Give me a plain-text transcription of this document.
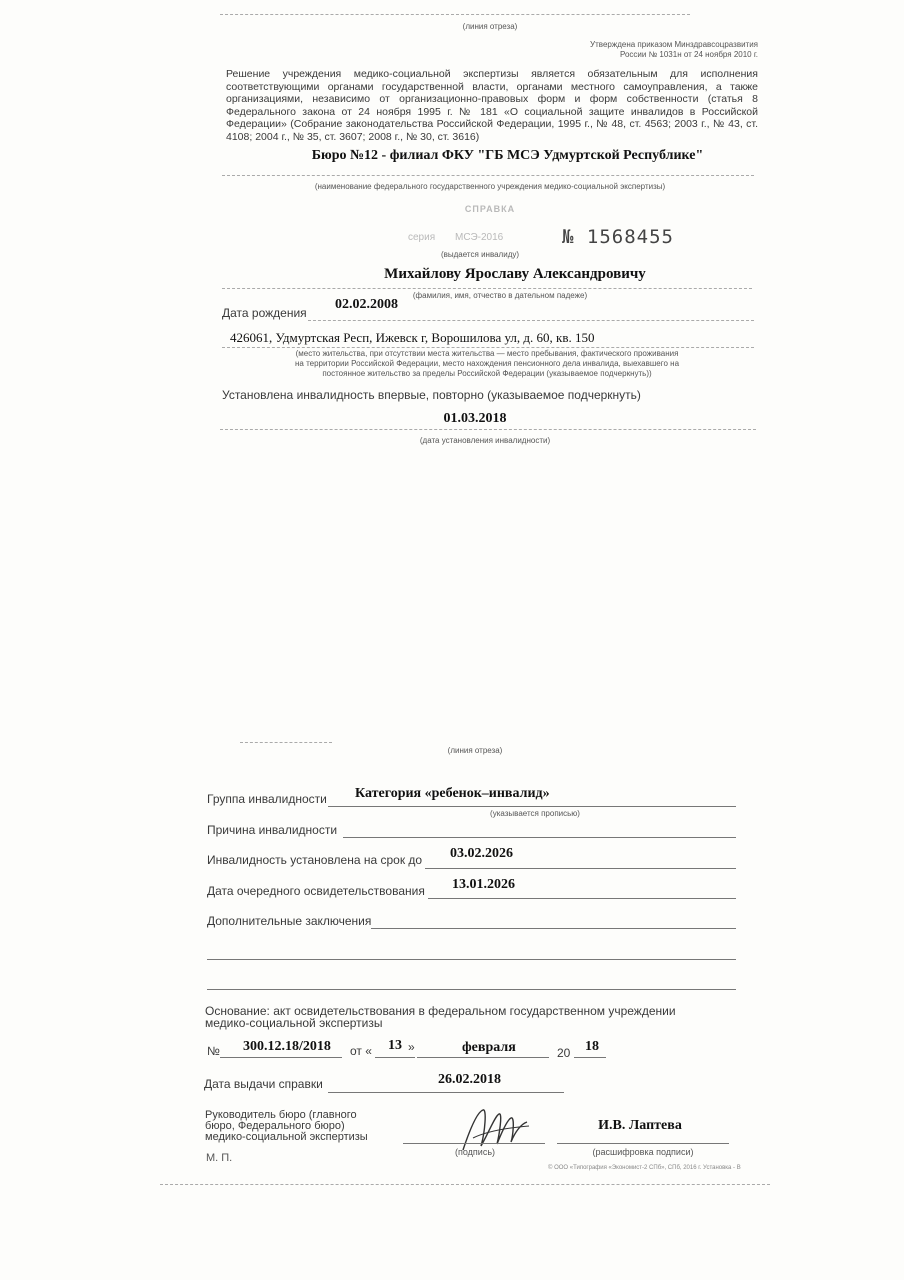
(линия отреза)
Утверждена приказом Минздравсоцразвития
России № 1031н от 24 ноября 2010 г.
Решение учреждения медико-социальной экспертизы является обязательным для исполнения соответствующими органами государственной власти, органами местного самоуправления, а также организациями, независимо от организационно-правовых форм и форм собственности (статья 8 Федерального закона от 24 ноября 1995 г. № 181 «О социальной защите инвалидов в Российской Федерации» (Собрание законодательства Российской Федерации, 1995 г., № 48, ст. 4563; 2003 г., № 43, ст. 4108; 2004 г., № 35, ст. 3607; 2008 г., № 30, ст. 3616)
Бюро №12 - филиал ФКУ "ГБ МСЭ Удмуртской Республике"
(наименование федерального государственного учреждения медико-социальной экспертизы)
СПРАВКА
серия МСЭ-2016	№ 1568455
(выдается инвалиду)
Михайлову Ярославу Александровичу
(фамилия, имя, отчество в дательном падеже)
Дата рождения
02.02.2008
426061, Удмуртская Респ, Ижевск г, Ворошилова ул, д. 60, кв. 150
(место жительства, при отсутствии места жительства — место пребывания, фактического проживания
на территории Российской Федерации, место нахождения пенсионного дела инвалида, выехавшего на
постоянное жительство за пределы Российской Федерации (указываемое подчеркнуть))
Установлена инвалидность впервые, повторно (указываемое подчеркнуть)
01.03.2018
(дата установления инвалидности)
(линия отреза)
Группа инвалидности Категория «ребенок–инвалид»
(указывается прописью)
Причина инвалидности
Инвалидность установлена на срок до 03.02.2026
Дата очередного освидетельствования 13.01.2026
Дополнительные заключения
Основание: акт освидетельствования в федеральном государственном учреждении
медико-социальной экспертизы
№ 300.12.18/2018 от « 13 »	февраля	20 18
Дата выдачи справки	26.02.2018
Руководитель бюро (главного
бюро, Федерального бюро)
медико-социальной экспертизы
М. П.	(подпись)
И.В. Лаптева
(расшифровка подписи)
© ООО «Типография «Экономист-2 СПб», СПб, 2016 г. Установка - В
